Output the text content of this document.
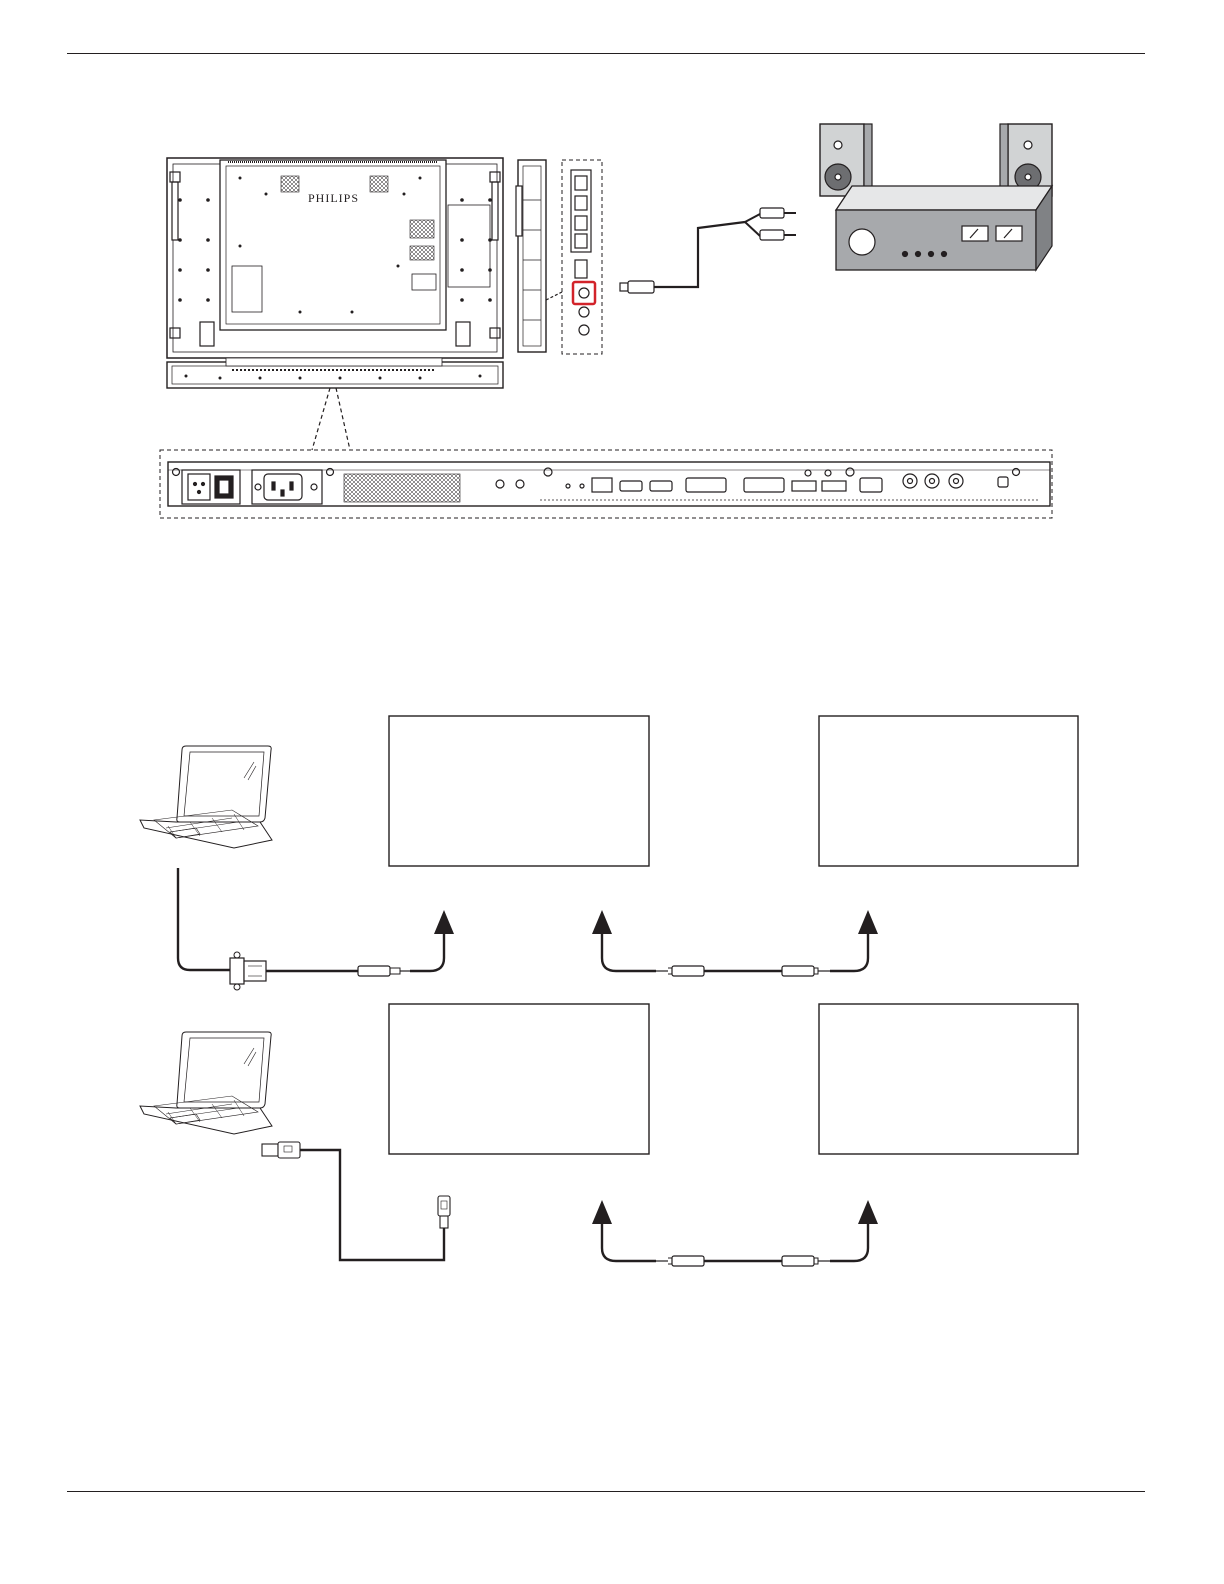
PHILIPS
